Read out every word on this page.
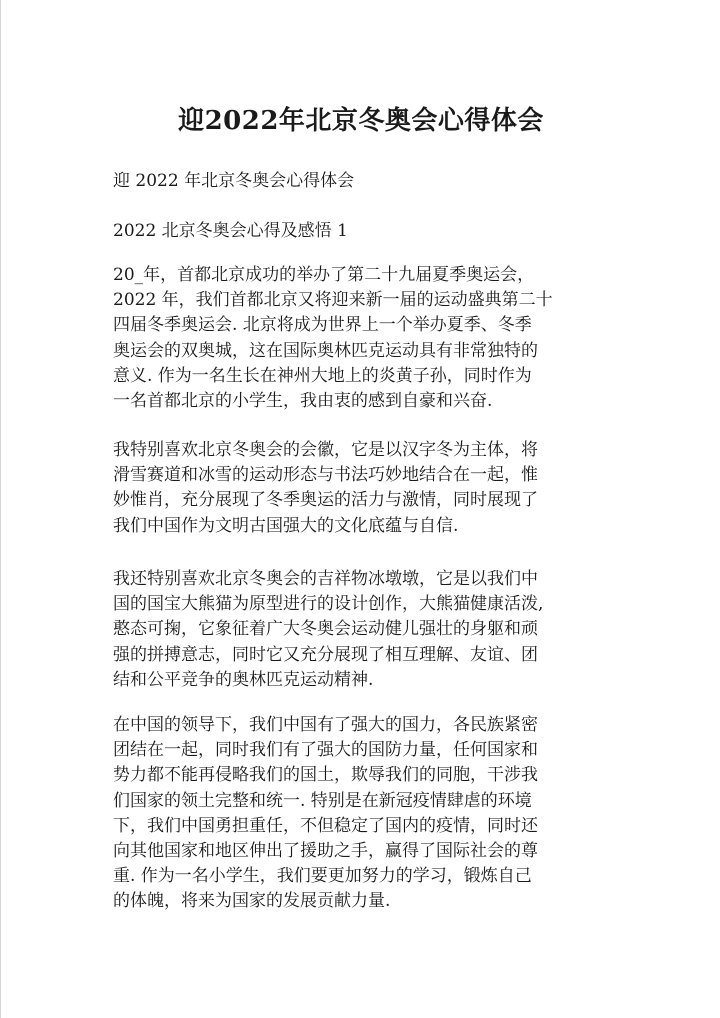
迎2022年北京冬奥会心得体会

迎 2022 年北京冬奥会心得体会

2022 北京冬奥会心得及感悟 1

20_年，首都北京成功的举办了第二十九届夏季奥运会，
2022 年，我们首都北京又将迎来新一届的运动盛典第二十
四届冬季奥运会. 北京将成为世界上一个举办夏季、冬季
奥运会的双奥城，这在国际奥林匹克运动具有非常独特的
意义. 作为一名生长在神州大地上的炎黄子孙，同时作为
一名首都北京的小学生，我由衷的感到自豪和兴奋.
我特别喜欢北京冬奥会的会徽，它是以汉字冬为主体，将
滑雪赛道和冰雪的运动形态与书法巧妙地结合在一起，惟
妙惟肖，充分展现了冬季奥运的活力与激情，同时展现了
我们中国作为文明古国强大的文化底蕴与自信.
我还特别喜欢北京冬奥会的吉祥物冰墩墩，它是以我们中
国的国宝大熊猫为原型进行的设计创作，大熊猫健康活泼,
憨态可掬，它象征着广大冬奥会运动健儿强壮的身躯和顽
强的拼搏意志，同时它又充分展现了相互理解、友谊、团
结和公平竞争的奥林匹克运动精神.
在中国的领导下，我们中国有了强大的国力，各民族紧密
团结在一起，同时我们有了强大的国防力量，任何国家和
势力都不能再侵略我们的国土，欺辱我们的同胞，干涉我
们国家的领土完整和统一. 特别是在新冠疫情肆虐的环境
下，我们中国勇担重任，不但稳定了国内的疫情，同时还
向其他国家和地区伸出了援助之手，赢得了国际社会的尊
重. 作为一名小学生，我们要更加努力的学习，锻炼自己
的体魄，将来为国家的发展贡献力量.
